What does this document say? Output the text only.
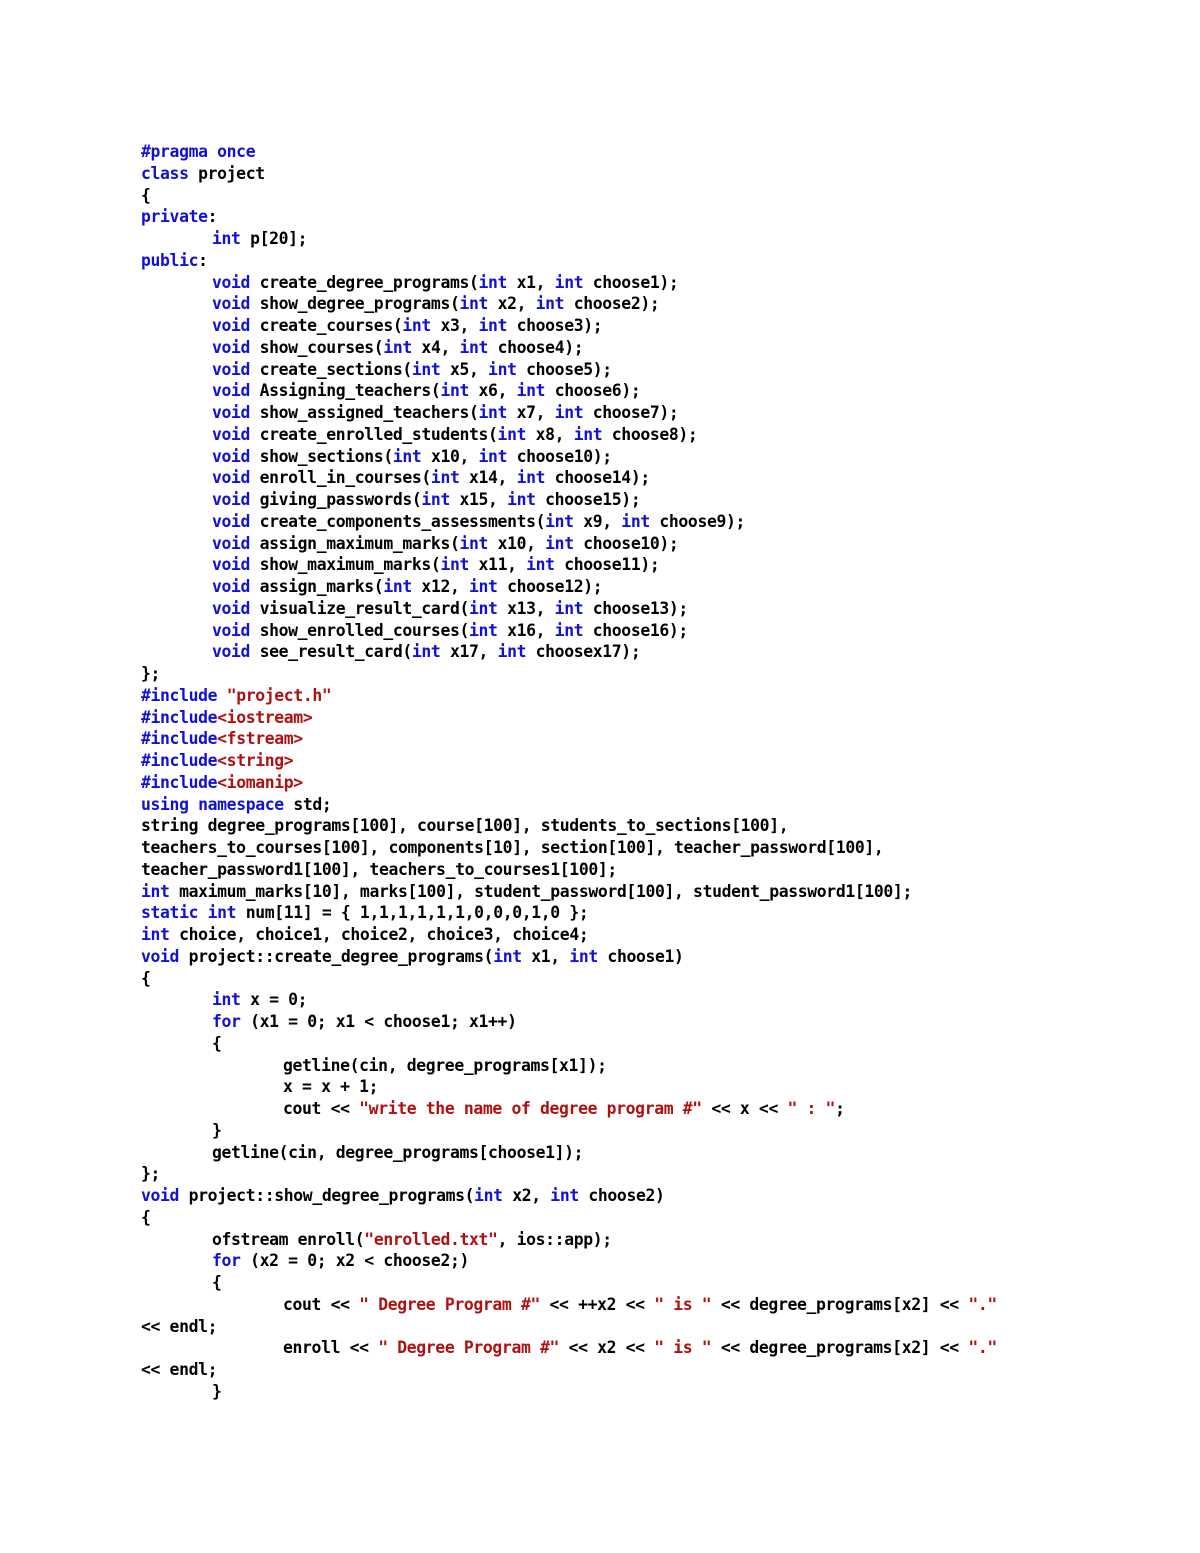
#pragma once
class project
{
private:
int p[20];
public:
void create_degree_programs(int x1, int choose1);
void show_degree_programs(int x2, int choose2);
void create_courses(int x3, int choose3);
void show_courses(int x4, int choose4);
void create_sections(int x5, int choose5);
void Assigning_teachers(int x6, int choose6);
void show_assigned_teachers(int x7, int choose7);
void create_enrolled_students(int x8, int choose8);
void show_sections(int x10, int choose10);
void enroll_in_courses(int x14, int choose14);
void giving_passwords(int x15, int choose15);
void create_components_assessments(int x9, int choose9);
void assign_maximum_marks(int x10, int choose10);
void show_maximum_marks(int x11, int choose11);
void assign_marks(int x12, int choose12);
void visualize_result_card(int x13, int choose13);
void show_enrolled_courses(int x16, int choose16);
void see_result_card(int x17, int choosex17);
};
#include "project.h"
#include<iostream>
#include<fstream>
#include<string>
#include<iomanip>
using namespace std;
string degree_programs[100], course[100], students_to_sections[100],
teachers_to_courses[100], components[10], section[100], teacher_password[100],
teacher_password1[100], teachers_to_courses1[100];
int maximum_marks[10], marks[100], student_password[100], student_password1[100];
static int num[11] = { 1,1,1,1,1,1,0,0,0,1,0 };
int choice, choice1, choice2, choice3, choice4;
void project::create_degree_programs(int x1, int choose1)
{
int x = 0;
for (x1 = 0; x1 < choose1; x1++)
{
getline(cin, degree_programs[x1]);
x = x + 1;
cout << "write the name of degree program #" << x << " : ";
}
getline(cin, degree_programs[choose1]);
};
void project::show_degree_programs(int x2, int choose2)
{
ofstream enroll("enrolled.txt", ios::app);
for (x2 = 0; x2 < choose2;)
{
cout << " Degree Program #" << ++x2 << " is " << degree_programs[x2] << "."
<< endl;
enroll << " Degree Program #" << x2 << " is " << degree_programs[x2] << "."
<< endl;
}
